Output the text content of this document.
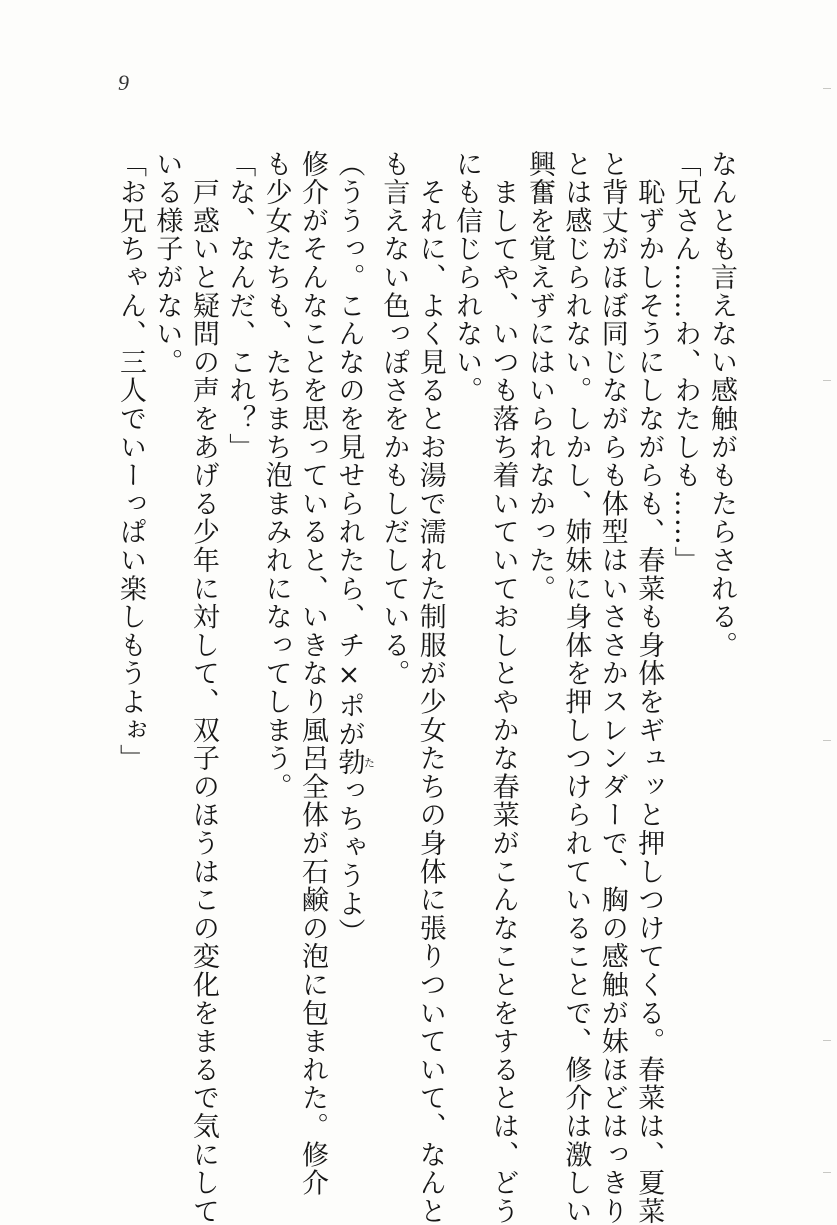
9
なんとも言えない感触がもたらされる。
「兄さん……わ、わたしも……」
　恥ずかしそうにしながらも、春菜も身体をギュッと押しつけてくる。春菜は、夏菜
と背丈がほぼ同じながらも体型はいささかスレンダーで、胸の感触が妹ほどはっきり
とは感じられない。しかし、姉妹に身体を押しつけられていることで、修介は激しい
興奮を覚えずにはいられなかった。
　ましてや、いつも落ち着いていておしとやかな春菜がこんなことをするとは、どう
にも信じられない。
　それに、よく見るとお湯で濡れた制服が少女たちの身体に張りついていて、なんと
も言えない色っぽさをかもしだしている。
（ううっ。こんなのを見せられたら、チ×ポが勃たっちゃうよ）
修介がそんなことを思っていると、いきなり風呂全体が石鹸の泡に包まれた。修介
も少女たちも、たちまち泡まみれになってしまう。
「な、なんだ、これ？」
　戸惑いと疑問の声をあげる少年に対して、双子のほうはこの変化をまるで気にして
いる様子がない。
「お兄ちゃん、三人でいーっぱい楽しもうよぉ」
